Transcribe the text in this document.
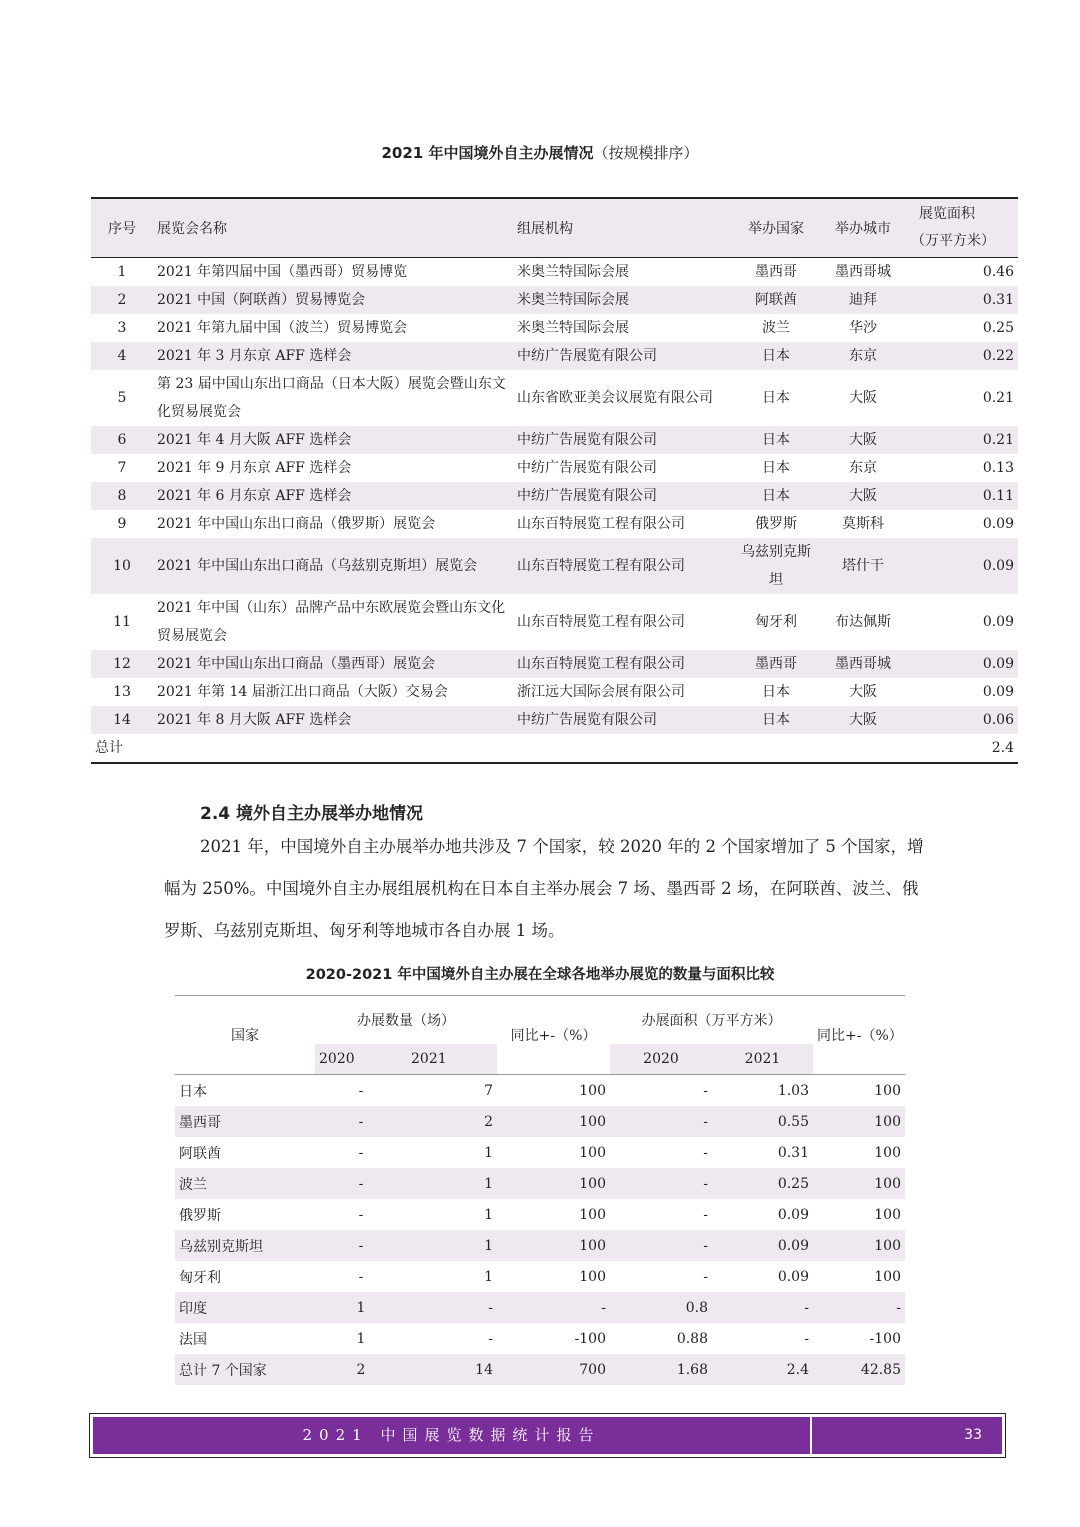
2021 年中国境外自主办展情况（按规模排序）
序号	展览会名称	组展机构	举办国家	举办城市	展览面积
（万平方米）

1	2021 年第四届中国（墨西哥）贸易博览	米奥兰特国际会展	墨西哥	墨西哥城	0.46
2	2021 中国（阿联酋）贸易博览会	米奥兰特国际会展	阿联酋	迪拜	0.31
3	2021 年第九届中国（波兰）贸易博览会	米奥兰特国际会展	波兰	华沙	0.25
4	2021 年 3 月东京 AFF 选样会	中纺广告展览有限公司	日本	东京	0.22
5	第 23 届中国山东出口商品（日本大阪）展览会暨山东文化贸易展览会	山东省欧亚美会议展览有限公司	日本	大阪	0.21
6	2021 年 4 月大阪 AFF 选样会	中纺广告展览有限公司	日本	大阪	0.21
7	2021 年 9 月东京 AFF 选样会	中纺广告展览有限公司	日本	东京	0.13
8	2021 年 6 月东京 AFF 选样会	中纺广告展览有限公司	日本	大阪	0.11
9	2021 年中国山东出口商品（俄罗斯）展览会	山东百特展览工程有限公司	俄罗斯	莫斯科	0.09
10	2021 年中国山东出口商品（乌兹别克斯坦）展览会	山东百特展览工程有限公司	乌兹别克斯坦	塔什干	0.09
11	2021 年中国（山东）品牌产品中东欧展览会暨山东文化贸易展览会	山东百特展览工程有限公司	匈牙利	布达佩斯	0.09
12	2021 年中国山东出口商品（墨西哥）展览会	山东百特展览工程有限公司	墨西哥	墨西哥城	0.09
13	2021 年第 14 届浙江出口商品（大阪）交易会	浙江远大国际会展有限公司	日本	大阪	0.09
14	2021 年 8 月大阪 AFF 选样会	中纺广告展览有限公司	日本	大阪	0.06
总计					2.4
2.4 境外自主办展举办地情况

2021 年，中国境外自主办展举办地共涉及 7 个国家，较 2020 年的 2 个国家增加了 5 个国家，增幅为 250%。中国境外自主办展组展机构在日本自主举办展会 7 场、墨西哥 2 场，在阿联酋、波兰、俄罗斯、乌兹别克斯坦、匈牙利等地城市各自办展 1 场。

2020-2021 年中国境外自主办展在全球各地举办展览的数量与面积比较
国家	办展数量（场）		同比+-（%）	办展面积（万平方米）		同比+-（%）
	2020	2021		2020	2021	
日本	-	7	100	-	1.03	100
墨西哥	-	2	100	-	0.55	100
阿联酋	-	1	100	-	0.31	100
波兰	-	1	100	-	0.25	100
俄罗斯	-	1	100	-	0.09	100
乌兹别克斯坦	-	1	100	-	0.09	100
匈牙利	-	1	100	-	0.09	100
印度	1	-	-	0.8	-	-
法国	1	-	-100	0.88	-	-100
总计 7 个国家	2	14	700	1.68	2.4	42.85
2021 中国展览数据统计报告	33
